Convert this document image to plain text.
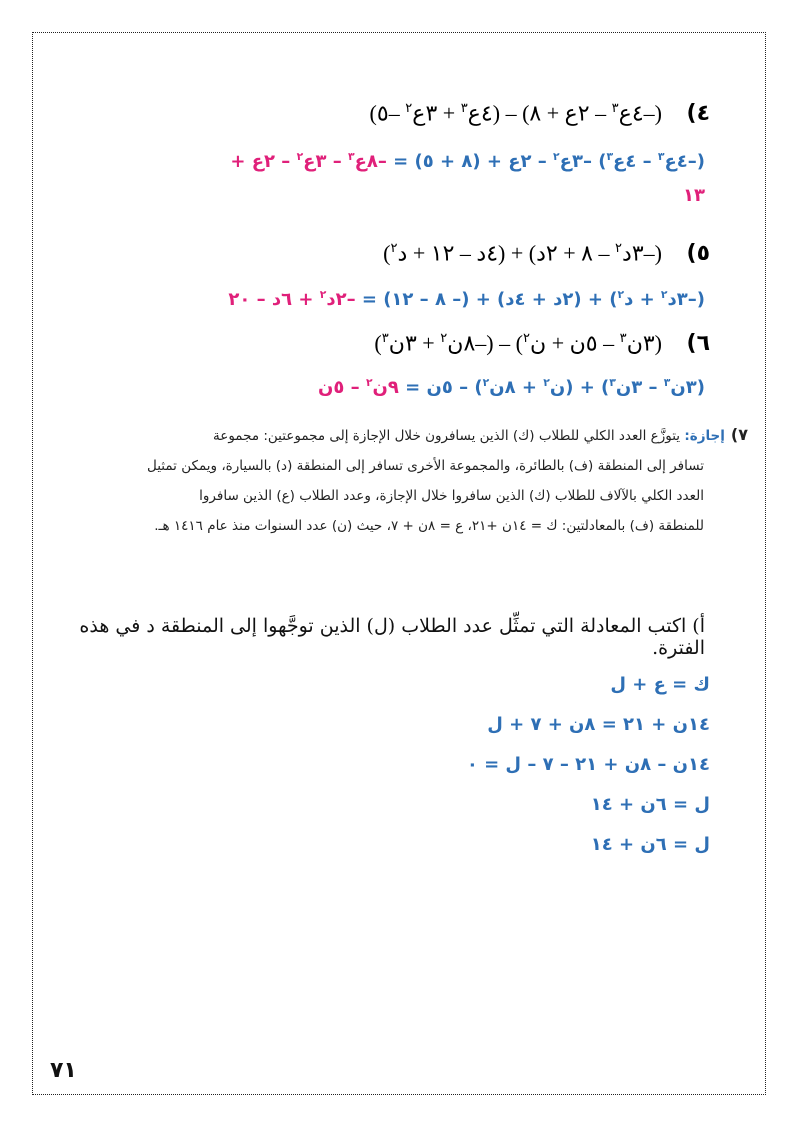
٤)
(–٤ع$^٣$ – ٢ع + ٨) – (٤ع$^٣$ + ٣ع$^٢$ –٥)
(–٤ع$^٣$ – ٤ع$^٣$) –٣ع$^٢$ – ٢ع + (٨ + ٥) = –٨ع$^٣$ – ٣ع$^٢$ – ٢ع +
١٣
٥)
(–٣د$^٢$ – ٨ + ٢د) + (٤د – ١٢ + د$^٢$)
(–٣د$^٢$ + د$^٢$) + (٢د + ٤د) + (– ٨ – ١٢) = –٢د$^٢$ + ٦د – ٢٠
٦)
(٣ن$^٣$ – ٥ن + ن$^٢$) – (–٨ن$^٢$ + ٣ن$^٣$)
(٣ن$^٣$ – ٣ن$^٣$) + (ن$^٢$ + ٨ن$^٢$) – ٥ن = ٩ن$^٢$ – ٥ن
٧)إجازة: يتوزَّع العدد الكلي للطلاب (ك) الذين يسافرون خلال الإجازة إلى مجموعتين: مجموعة
تسافر إلى المنطقة (ف) بالطائرة، والمجموعة الأخرى تسافر إلى المنطقة (د) بالسيارة، ويمكن تمثيل
العدد الكلي بالآلاف للطلاب (ك) الذين سافروا خلال الإجازة، وعدد الطلاب (ع) الذين سافروا
للمنطقة (ف) بالمعادلتين: ك = ١٤ن +٢١، ع = ٨ن + ٧، حيث (ن) عدد السنوات منذ عام ١٤١٦ هـ.
أ) اكتب المعادلة التي تمثِّل عدد الطلاب (ل) الذين توجَّهوا إلى المنطقة د في هذه الفترة.
ك = ع + ل
١٤ن + ٢١ = ٨ن + ٧ + ل
١٤ن – ٨ن + ٢١ – ٧ – ل = ٠
ل = ٦ن + ١٤
ل = ٦ن + ١٤
٧١
